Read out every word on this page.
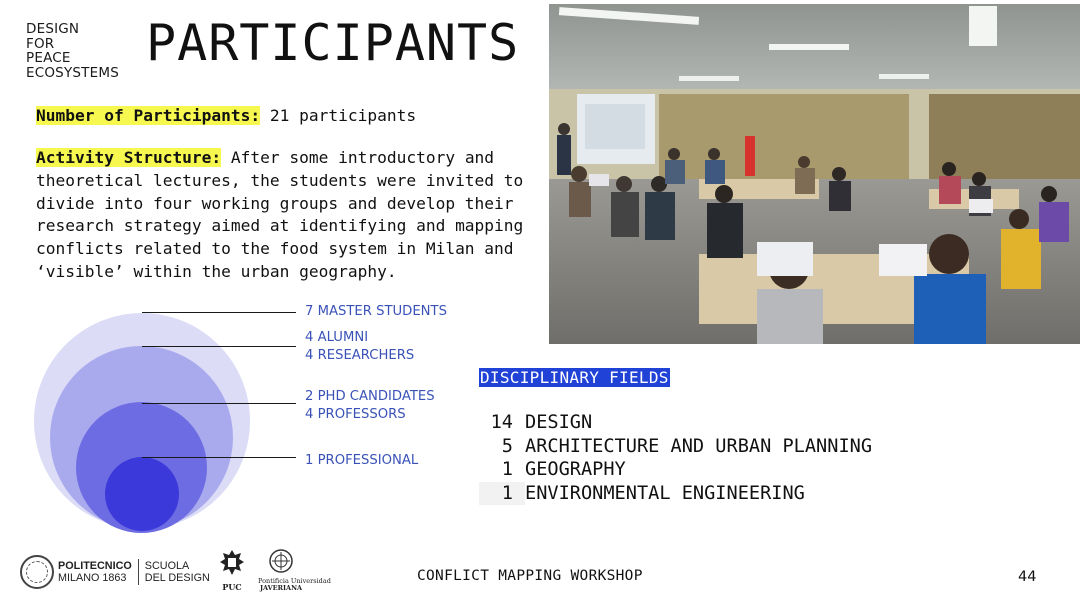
DESIGN
FOR
PEACE
ECOSYSTEMS
PARTICIPANTS
Number of Participants: 21 participants
Activity Structure: After some introductory and theoretical lectures, the students were invited to divide into four working groups and develop their research strategy aimed at identifying and mapping conflicts related to the food system in Milan and ‘visible’ within the urban geography.
7 MASTER STUDENTS
4 ALUMNI
4 RESEARCHERS
2 PHD CANDIDATES
4 PROFESSORS
1 PROFESSIONAL
DISCIPLINARY FIELDS
14 DESIGN
5 ARCHITECTURE AND URBAN PLANNING
1 GEOGRAPHY
1 ENVIRONMENTAL ENGINEERING
POLITECNICO
MILANO 1863
SCUOLA
DEL DESIGN
PUC
Pontificia Universidad
JAVERIANA
CONFLICT MAPPING WORKSHOP	44
